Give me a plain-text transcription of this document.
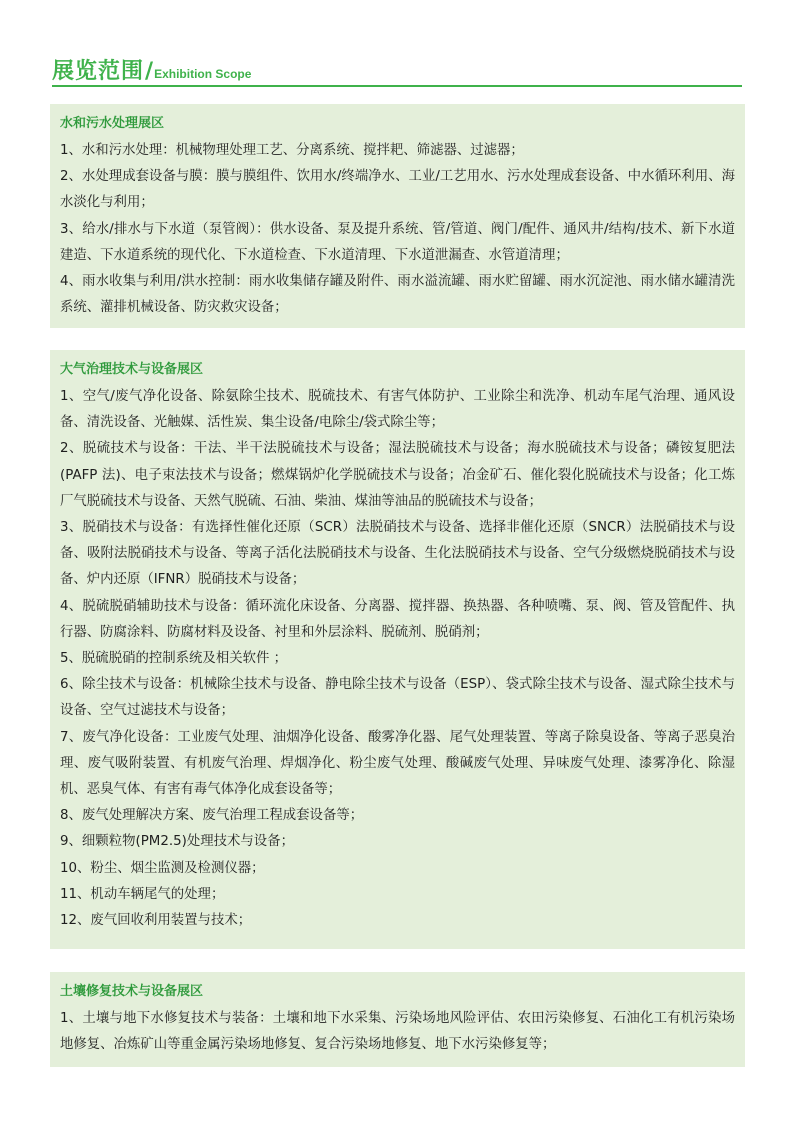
展览范围 / Exhibition Scope
水和污水处理展区
1、水和污水处理：机械物理处理工艺、分离系统、搅拌耙、筛滤器、过滤器；
2、水处理成套设备与膜：膜与膜组件、饮用水/终端净水、工业/工艺用水、污水处理成套设备、中水循环利用、海水淡化与利用；
3、给水/排水与下水道（泵管阀）：供水设备、泵及提升系统、管/管道、阀门/配件、通风井/结构/技术、新下水道建造、下水道系统的现代化、下水道检查、下水道清理、下水道泄漏查、水管道清理；
4、雨水收集与利用/洪水控制：雨水收集储存罐及附件、雨水溢流罐、雨水贮留罐、雨水沉淀池、雨水储水罐清洗系统、灌排机械设备、防灾救灾设备；
大气治理技术与设备展区
1、空气/废气净化设备、除氨除尘技术、脱硫技术、有害气体防护、工业除尘和洗净、机动车尾气治理、通风设备、清洗设备、光触媒、活性炭、集尘设备/电除尘/袋式除尘等；
2、脱硫技术与设备：干法、半干法脱硫技术与设备；湿法脱硫技术与设备；海水脱硫技术与设备；磷铵复肥法(PAFP 法)、电子束法技术与设备；燃煤锅炉化学脱硫技术与设备；冶金矿石、催化裂化脱硫技术与设备；化工炼厂气脱硫技术与设备、天然气脱硫、石油、柴油、煤油等油品的脱硫技术与设备；
3、脱硝技术与设备：有选择性催化还原（SCR）法脱硝技术与设备、选择非催化还原（SNCR）法脱硝技术与设备、吸附法脱硝技术与设备、等离子活化法脱硝技术与设备、生化法脱硝技术与设备、空气分级燃烧脱硝技术与设备、炉内还原（IFNR）脱硝技术与设备；
4、脱硫脱硝辅助技术与设备：循环流化床设备、分离器、搅拌器、换热器、各种喷嘴、泵、阀、管及管配件、执行器、防腐涂料、防腐材料及设备、衬里和外层涂料、脱硫剂、脱硝剂；
5、脱硫脱硝的控制系统及相关软件 ；
6、除尘技术与设备：机械除尘技术与设备、静电除尘技术与设备（ESP）、袋式除尘技术与设备、湿式除尘技术与设备、空气过滤技术与设备；
7、废气净化设备：工业废气处理、油烟净化设备、酸雾净化器、尾气处理装置、等离子除臭设备、等离子恶臭治理、废气吸附装置、有机废气治理、焊烟净化、粉尘废气处理、酸碱废气处理、异味废气处理、漆雾净化、除湿机、恶臭气体、有害有毒气体净化成套设备等；
8、废气处理解决方案、废气治理工程成套设备等；
9、细颗粒物(PM2.5)处理技术与设备；
10、粉尘、烟尘监测及检测仪器；
11、机动车辆尾气的处理；
12、废气回收利用装置与技术；
土壤修复技术与设备展区
1、土壤与地下水修复技术与装备：土壤和地下水采集、污染场地风险评估、农田污染修复、石油化工有机污染场地修复、冶炼矿山等重金属污染场地修复、复合污染场地修复、地下水污染修复等；
